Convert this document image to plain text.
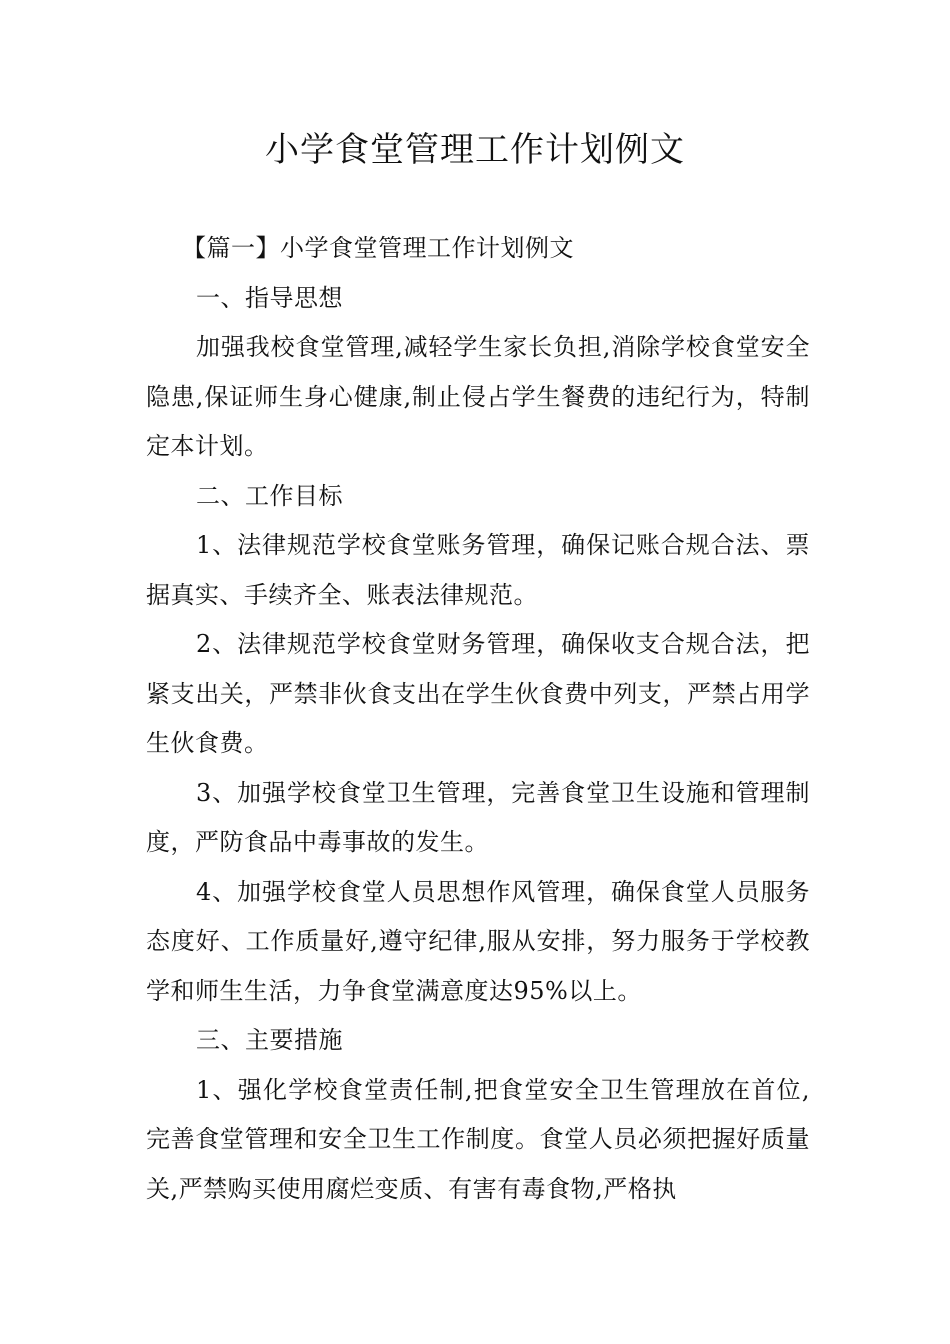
小学食堂管理工作计划例文

【篇一】小学食堂管理工作计划例文

一、指导思想

加强我校食堂管理,减轻学生家长负担,消除学校食堂安全隐患,保证师生身心健康,制止侵占学生餐费的违纪行为，特制定本计划。

二、工作目标

1、法律规范学校食堂账务管理，确保记账合规合法、票据真实、手续齐全、账表法律规范。

2、法律规范学校食堂财务管理，确保收支合规合法，把紧支出关，严禁非伙食支出在学生伙食费中列支，严禁占用学生伙食费。

3、加强学校食堂卫生管理，完善食堂卫生设施和管理制度，严防食品中毒事故的发生。

4、加强学校食堂人员思想作风管理，确保食堂人员服务态度好、工作质量好,遵守纪律,服从安排，努力服务于学校教学和师生生活，力争食堂满意度达95%以上。

三、主要措施

1、强化学校食堂责任制,把食堂安全卫生管理放在首位,完善食堂管理和安全卫生工作制度。食堂人员必须把握好质量关,严禁购买使用腐烂变质、有害有毒食物,严格执
